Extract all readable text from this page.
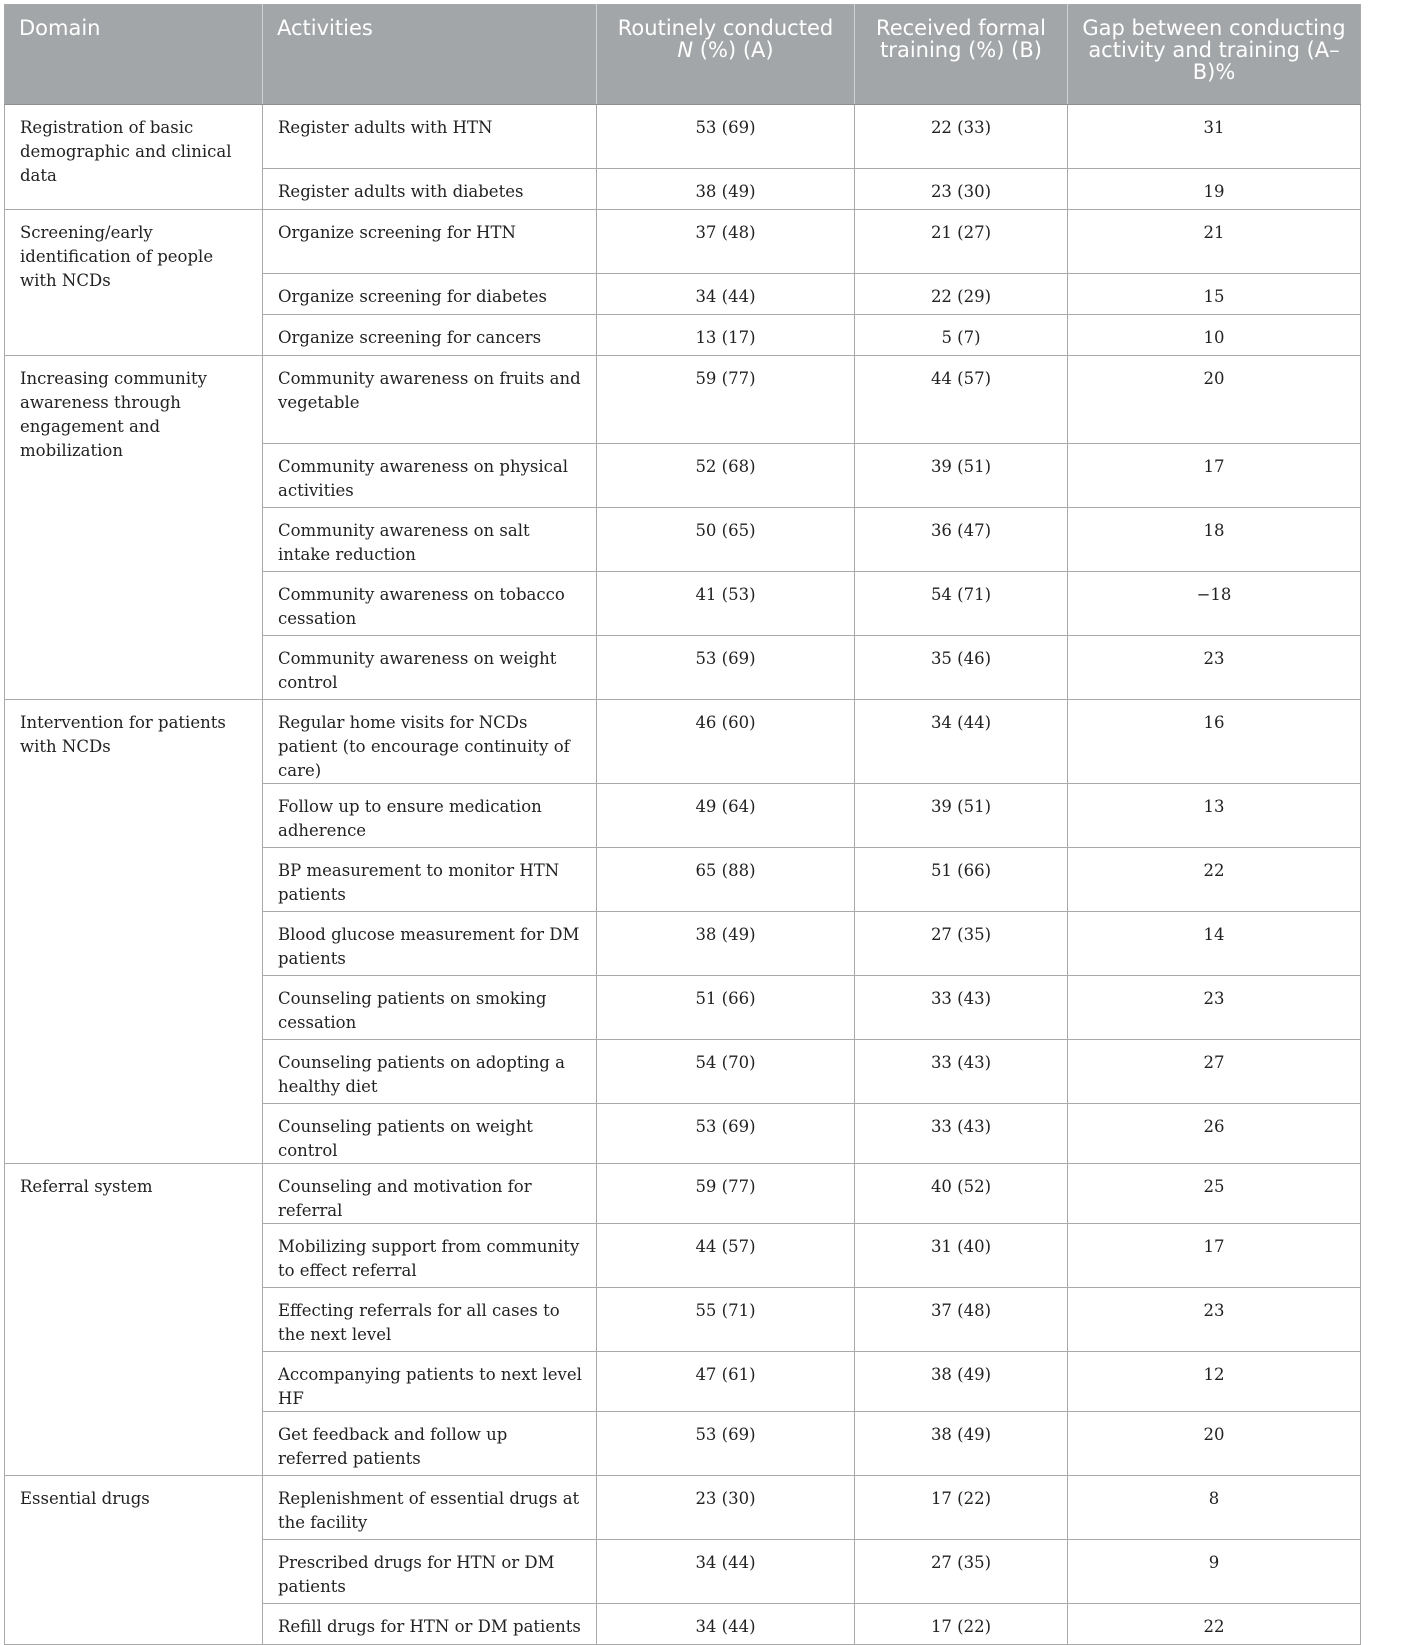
Domain	Activities	Routinely conducted N (%) (A)	Received formal training (%) (B)	Gap between conducting activity and training (A–B)%
Registration of basic demographic and clinical data	Register adults with HTN	53 (69)	22 (33)	31
	Register adults with diabetes	38 (49)	23 (30)	19
Screening/early identification of people with NCDs	Organize screening for HTN	37 (48)	21 (27)	21
	Organize screening for diabetes	34 (44)	22 (29)	15
	Organize screening for cancers	13 (17)	5 (7)	10
Increasing community awareness through engagement and mobilization	Community awareness on fruits and vegetable	59 (77)	44 (57)	20
	Community awareness on physical activities	52 (68)	39 (51)	17
	Community awareness on salt intake reduction	50 (65)	36 (47)	18
	Community awareness on tobacco cessation	41 (53)	54 (71)	−18
	Community awareness on weight control	53 (69)	35 (46)	23
Intervention for patients with NCDs	Regular home visits for NCDs patient (to encourage continuity of care)	46 (60)	34 (44)	16
	Follow up to ensure medication adherence	49 (64)	39 (51)	13
	BP measurement to monitor HTN patients	65 (88)	51 (66)	22
	Blood glucose measurement for DM patients	38 (49)	27 (35)	14
	Counseling patients on smoking cessation	51 (66)	33 (43)	23
	Counseling patients on adopting a healthy diet	54 (70)	33 (43)	27
	Counseling patients on weight control	53 (69)	33 (43)	26
Referral system	Counseling and motivation for referral	59 (77)	40 (52)	25
	Mobilizing support from community to effect referral	44 (57)	31 (40)	17
	Effecting referrals for all cases to the next level	55 (71)	37 (48)	23
	Accompanying patients to next level HF	47 (61)	38 (49)	12
	Get feedback and follow up referred patients	53 (69)	38 (49)	20
Essential drugs	Replenishment of essential drugs at the facility	23 (30)	17 (22)	8
	Prescribed drugs for HTN or DM patients	34 (44)	27 (35)	9
	Refill drugs for HTN or DM patients	34 (44)	17 (22)	22
